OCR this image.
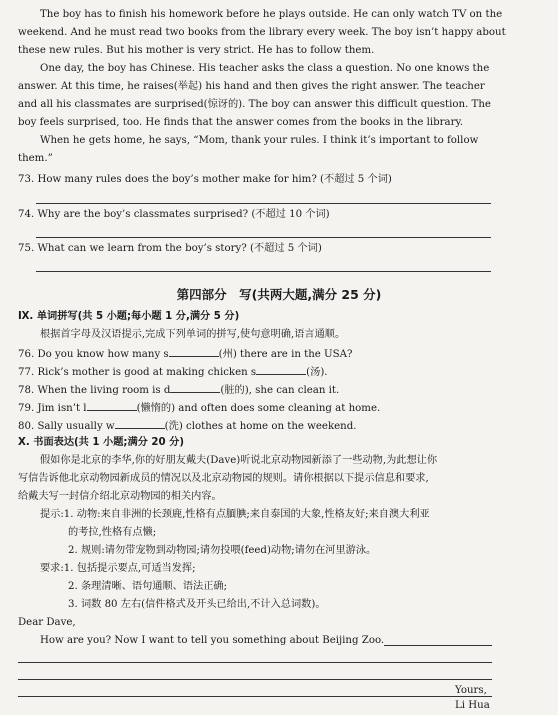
The boy has to finish his homework before he plays outside. He can only watch TV on the
weekend. And he must read two books from the library every week. The boy isn’t happy about
these new rules. But his mother is very strict. He has to follow them.
One day, the boy has Chinese. His teacher asks the class a question. No one knows the
answer. At this time, he raises(举起) his hand and then gives the right answer. The teacher
and all his classmates are surprised(惊讶的). The boy can answer this difficult question. The
boy feels surprised, too. He finds that the answer comes from the books in the library.
When he gets home, he says, “Mom, thank your rules. I think it’s important to follow
them.”
73. How many rules does the boy’s mother make for him? (不超过 5 个词)
74. Why are the boy’s classmates surprised? (不超过 10 个词)
75. What can we learn from the boy’s story? (不超过 5 个词)
第四部分　写(共两大题,满分 25 分)
Ⅸ. 单词拼写(共 5 小题;每小题 1 分,满分 5 分)
根据首字母及汉语提示,完成下列单词的拼写,使句意明确,语言通顺。
76. Do you know how many s	(州) there are in the USA?
77. Rick’s mother is good at making chicken s	(汤).
78. When the living room is d	(脏的), she can clean it.
79. Jim isn’t l	(懒惰的) and often does some cleaning at home.
80. Sally usually w	(洗) clothes at home on the weekend.
Ⅹ. 书面表达(共 1 小题;满分 20 分)
假如你是北京的李华,你的好朋友戴夫(Dave)听说北京动物园新添了一些动物,为此想让你
写信告诉他北京动物园新成员的情况以及北京动物园的规则。请你根据以下提示信息和要求,
给戴夫写一封信介绍北京动物园的相关内容。
提示:1. 动物:来自非洲的长颈鹿,性格有点腼腆;来自泰国的大象,性格友好;来自澳大利亚
的考拉,性格有点懒;
2. 规则:请勿带宠物到动物园;请勿投喂(feed)动物;请勿在河里游泳。
要求:1. 包括提示要点,可适当发挥;
2. 条理清晰、语句通顺、语法正确;
3. 词数 80 左右(信件格式及开头已给出,不计入总词数)。
Dear Dave,
How are you? Now I want to tell you something about Beijing Zoo.
Yours,
Li Hua
